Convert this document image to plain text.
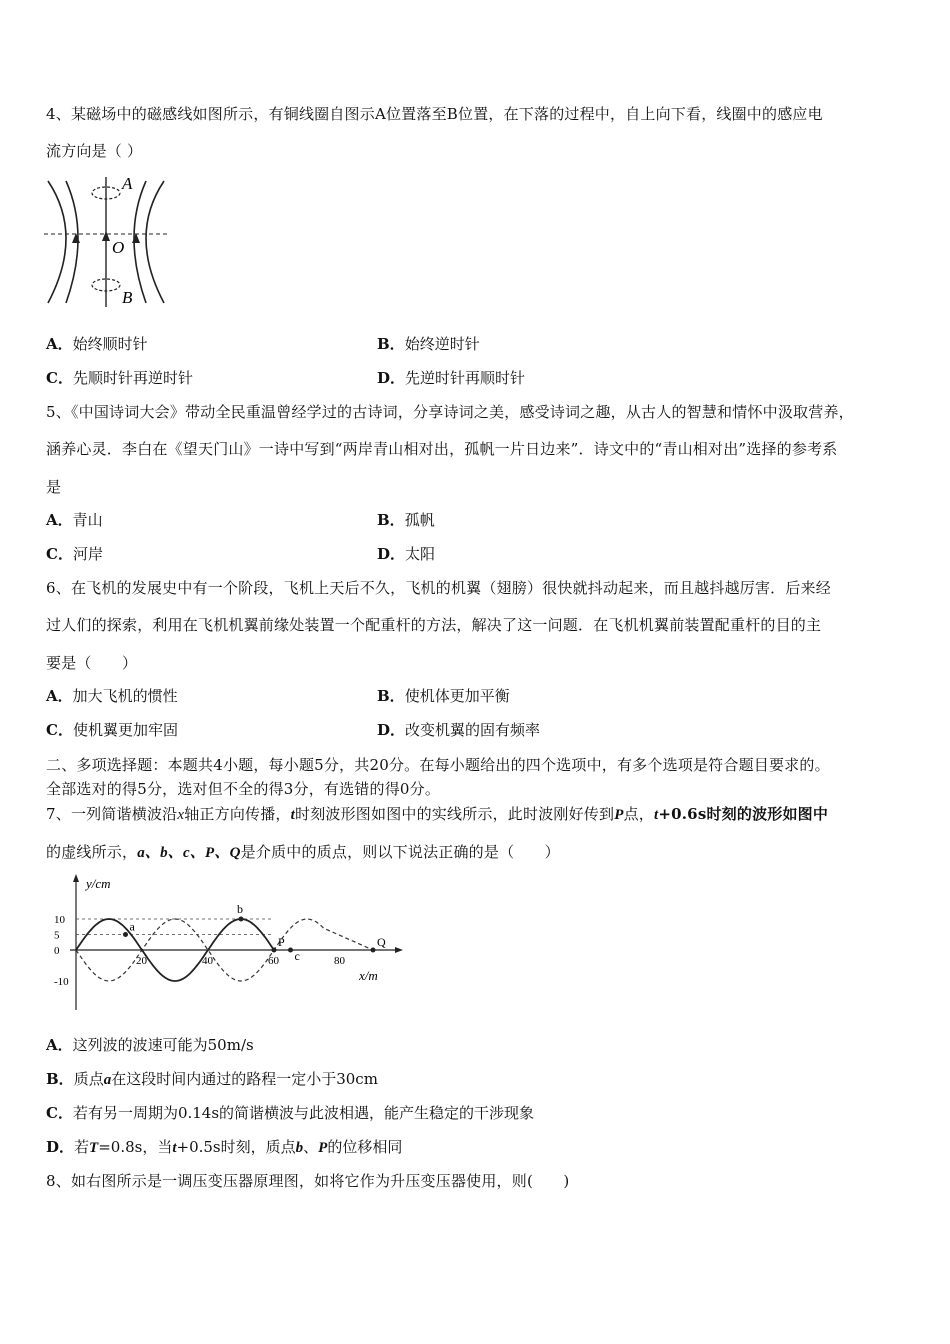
4、某磁场中的磁感线如图所示，有铜线圈自图示A位置落至B位置，在下落的过程中，自上向下看，线圈中的感应电
流方向是（ ）
A
O
B
A．始终顺时针	B．始终逆时针
C．先顺时针再逆时针	D．先逆时针再顺时针
5、《中国诗词大会》带动全民重温曾经学过的古诗词，分享诗词之美，感受诗词之趣，从古人的智慧和情怀中汲取营养，
涵养心灵．李白在《望天门山》一诗中写到“两岸青山相对出，孤帆一片日边来”．诗文中的“青山相对出”选择的参考系
是
A．青山	B．孤帆
C．河岸	D．太阳
6、在飞机的发展史中有一个阶段，飞机上天后不久，飞机的机翼（翅膀）很快就抖动起来，而且越抖越厉害．后来经
过人们的探索，利用在飞机机翼前缘处装置一个配重杆的方法，解决了这一问题．在飞机机翼前装置配重杆的目的主
要是（　　）
A．加大飞机的惯性	B．使机体更加平衡
C．使机翼更加牢固	D．改变机翼的固有频率
二、多项选择题：本题共4小题，每小题5分，共20分。在每小题给出的四个选项中，有多个选项是符合题目要求的。
全部选对的得5分，选对但不全的得3分，有选错的得0分。
7、一列简谐横波沿x轴正方向传播，t时刻波形图如图中的实线所示，此时波刚好传到P点，t+0.6s时刻的波形如图中
的虚线所示，a、b、c、P、Q是介质中的质点，则以下说法正确的是（　　）
y/cm
x/m
20	40	60	80
10
5
0
-10
a
b
P
c
Q
A．这列波的波速可能为50m/s
B．质点a在这段时间内通过的路程一定小于30cm
C．若有另一周期为0.14s的简谐横波与此波相遇，能产生稳定的干涉现象
D．若T=0.8s，当t+0.5s时刻，质点b、P的位移相同
8、如右图所示是一调压变压器原理图，如将它作为升压变压器使用，则(　　)
